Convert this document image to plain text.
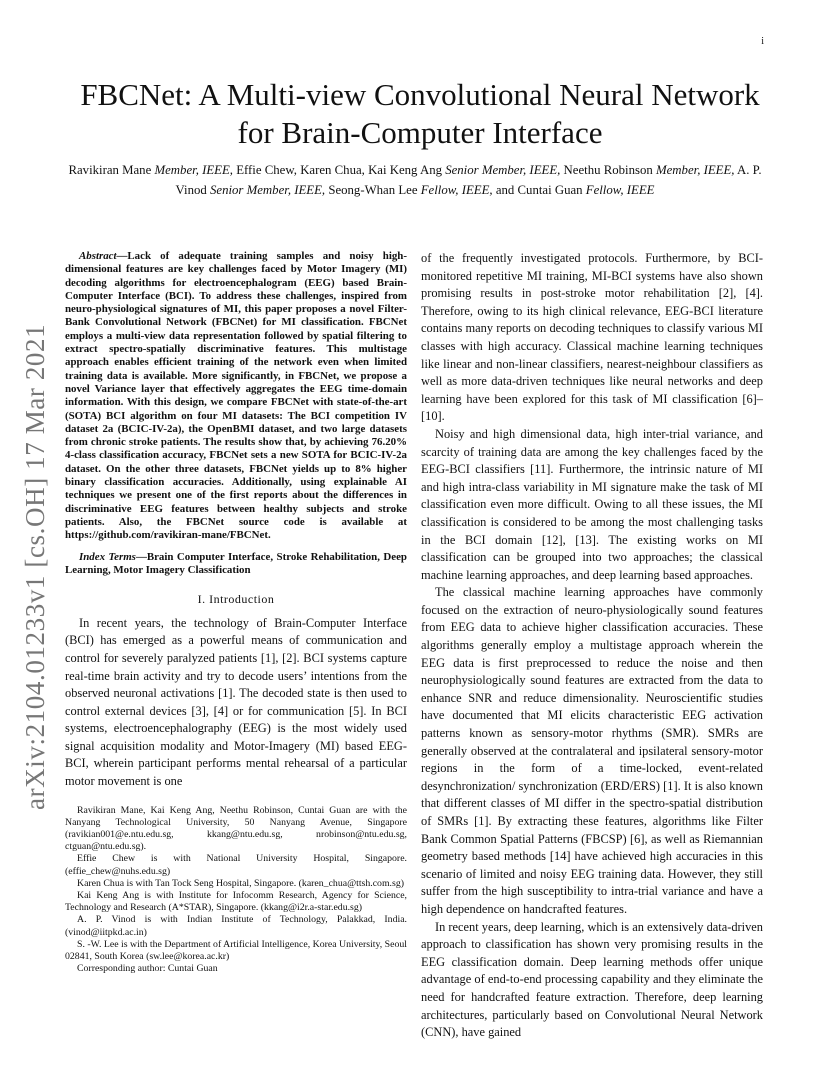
i
arXiv:2104.01233v1 [cs.OH] 17 Mar 2021
FBCNet: A Multi-view Convolutional Neural Network for Brain-Computer Interface
Ravikiran Mane Member, IEEE, Effie Chew, Karen Chua, Kai Keng Ang Senior Member, IEEE, Neethu Robinson Member, IEEE, A. P. Vinod Senior Member, IEEE, Seong-Whan Lee Fellow, IEEE, and Cuntai Guan Fellow, IEEE

Abstract—Lack of adequate training samples and noisy high-dimensional features are key challenges faced by Motor Imagery (MI) decoding algorithms for electroencephalogram (EEG) based Brain-Computer Interface (BCI). To address these challenges, inspired from neuro-physiological signatures of MI, this paper proposes a novel Filter-Bank Convolutional Network (FBCNet) for MI classification. FBCNet employs a multi-view data representation followed by spatial filtering to extract spectro-spatially discriminative features. This multistage approach enables efficient training of the network even when limited training data is available. More significantly, in FBCNet, we propose a novel Variance layer that effectively aggregates the EEG time-domain information. With this design, we compare FBCNet with state-of-the-art (SOTA) BCI algorithm on four MI datasets: The BCI competition IV dataset 2a (BCIC-IV-2a), the OpenBMI dataset, and two large datasets from chronic stroke patients. The results show that, by achieving 76.20% 4-class classification accuracy, FBCNet sets a new SOTA for BCIC-IV-2a dataset. On the other three datasets, FBCNet yields up to 8% higher binary classification accuracies. Additionally, using explainable AI techniques we present one of the first reports about the differences in discriminative EEG features between healthy subjects and stroke patients. Also, the FBCNet source code is available at https://github.com/ravikiran-mane/FBCNet.

Index Terms—Brain Computer Interface, Stroke Rehabilitation, Deep Learning, Motor Imagery Classification

I. Introduction

In recent years, the technology of Brain-Computer Interface (BCI) has emerged as a powerful means of communication and control for severely paralyzed patients [1], [2]. BCI systems capture real-time brain activity and try to decode users’ intentions from the observed neuronal activations [1]. The decoded state is then used to control external devices [3], [4] or for communication [5]. In BCI systems, electroencephalography (EEG) is the most widely used signal acquisition modality and Motor-Imagery (MI) based EEG-BCI, wherein participant performs mental rehearsal of a particular motor movement is one

Ravikiran Mane, Kai Keng Ang, Neethu Robinson, Cuntai Guan are with the Nanyang Technological University, 50 Nanyang Avenue, Singapore (ravikian001@e.ntu.edu.sg, kkang@ntu.edu.sg, nrobinson@ntu.edu.sg, ctguan@ntu.edu.sg).

Effie Chew is with National University Hospital, Singapore. (effie_chew@nuhs.edu.sg)

Karen Chua is with Tan Tock Seng Hospital, Singapore. (karen_chua@ttsh.com.sg)

Kai Keng Ang is with Institute for Infocomm Research, Agency for Science, Technology and Research (A*STAR), Singapore. (kkang@i2r.a-star.edu.sg)

A. P. Vinod is with Indian Institute of Technology, Palakkad, India. (vinod@iitpkd.ac.in)

S. -W. Lee is with the Department of Artificial Intelligence, Korea University, Seoul 02841, South Korea (sw.lee@korea.ac.kr)

Corresponding author: Cuntai Guan

of the frequently investigated protocols. Furthermore, by BCI-monitored repetitive MI training, MI-BCI systems have also shown promising results in post-stroke motor rehabilitation [2], [4]. Therefore, owing to its high clinical relevance, EEG-BCI literature contains many reports on decoding techniques to classify various MI classes with high accuracy. Classical machine learning techniques like linear and non-linear classifiers, nearest-neighbour classifiers as well as more data-driven techniques like neural networks and deep learning have been explored for this task of MI classification [6]–[10].

Noisy and high dimensional data, high inter-trial variance, and scarcity of training data are among the key challenges faced by the EEG-BCI classifiers [11]. Furthermore, the intrinsic nature of MI and high intra-class variability in MI signature make the task of MI classification even more difficult. Owing to all these issues, the MI classification is considered to be among the most challenging tasks in the BCI domain [12], [13]. The existing works on MI classification can be grouped into two approaches; the classical machine learning approaches, and deep learning based approaches.

The classical machine learning approaches have commonly focused on the extraction of neuro-physiologically sound features from EEG data to achieve higher classification accuracies. These algorithms generally employ a multistage approach wherein the EEG data is first preprocessed to reduce the noise and then neurophysiologically sound features are extracted from the data to enhance SNR and reduce dimensionality. Neuroscientific studies have documented that MI elicits characteristic EEG activation patterns known as sensory-motor rhythms (SMR). SMRs are generally observed at the contralateral and ipsilateral sensory-motor regions in the form of a time-locked, event-related desynchronization/ synchronization (ERD/ERS) [1]. It is also known that different classes of MI differ in the spectro-spatial distribution of SMRs [1]. By extracting these features, algorithms like Filter Bank Common Spatial Patterns (FBCSP) [6], as well as Riemannian geometry based methods [14] have achieved high accuracies in this scenario of limited and noisy EEG training data. However, they still suffer from the high susceptibility to intra-trial variance and have a high dependence on handcrafted features.

In recent years, deep learning, which is an extensively data-driven approach to classification has shown very promising results in the EEG classification domain. Deep learning methods offer unique advantage of end-to-end processing capability and they eliminate the need for handcrafted feature extraction. Therefore, deep learning architectures, particularly based on Convolutional Neural Network (CNN), have gained
